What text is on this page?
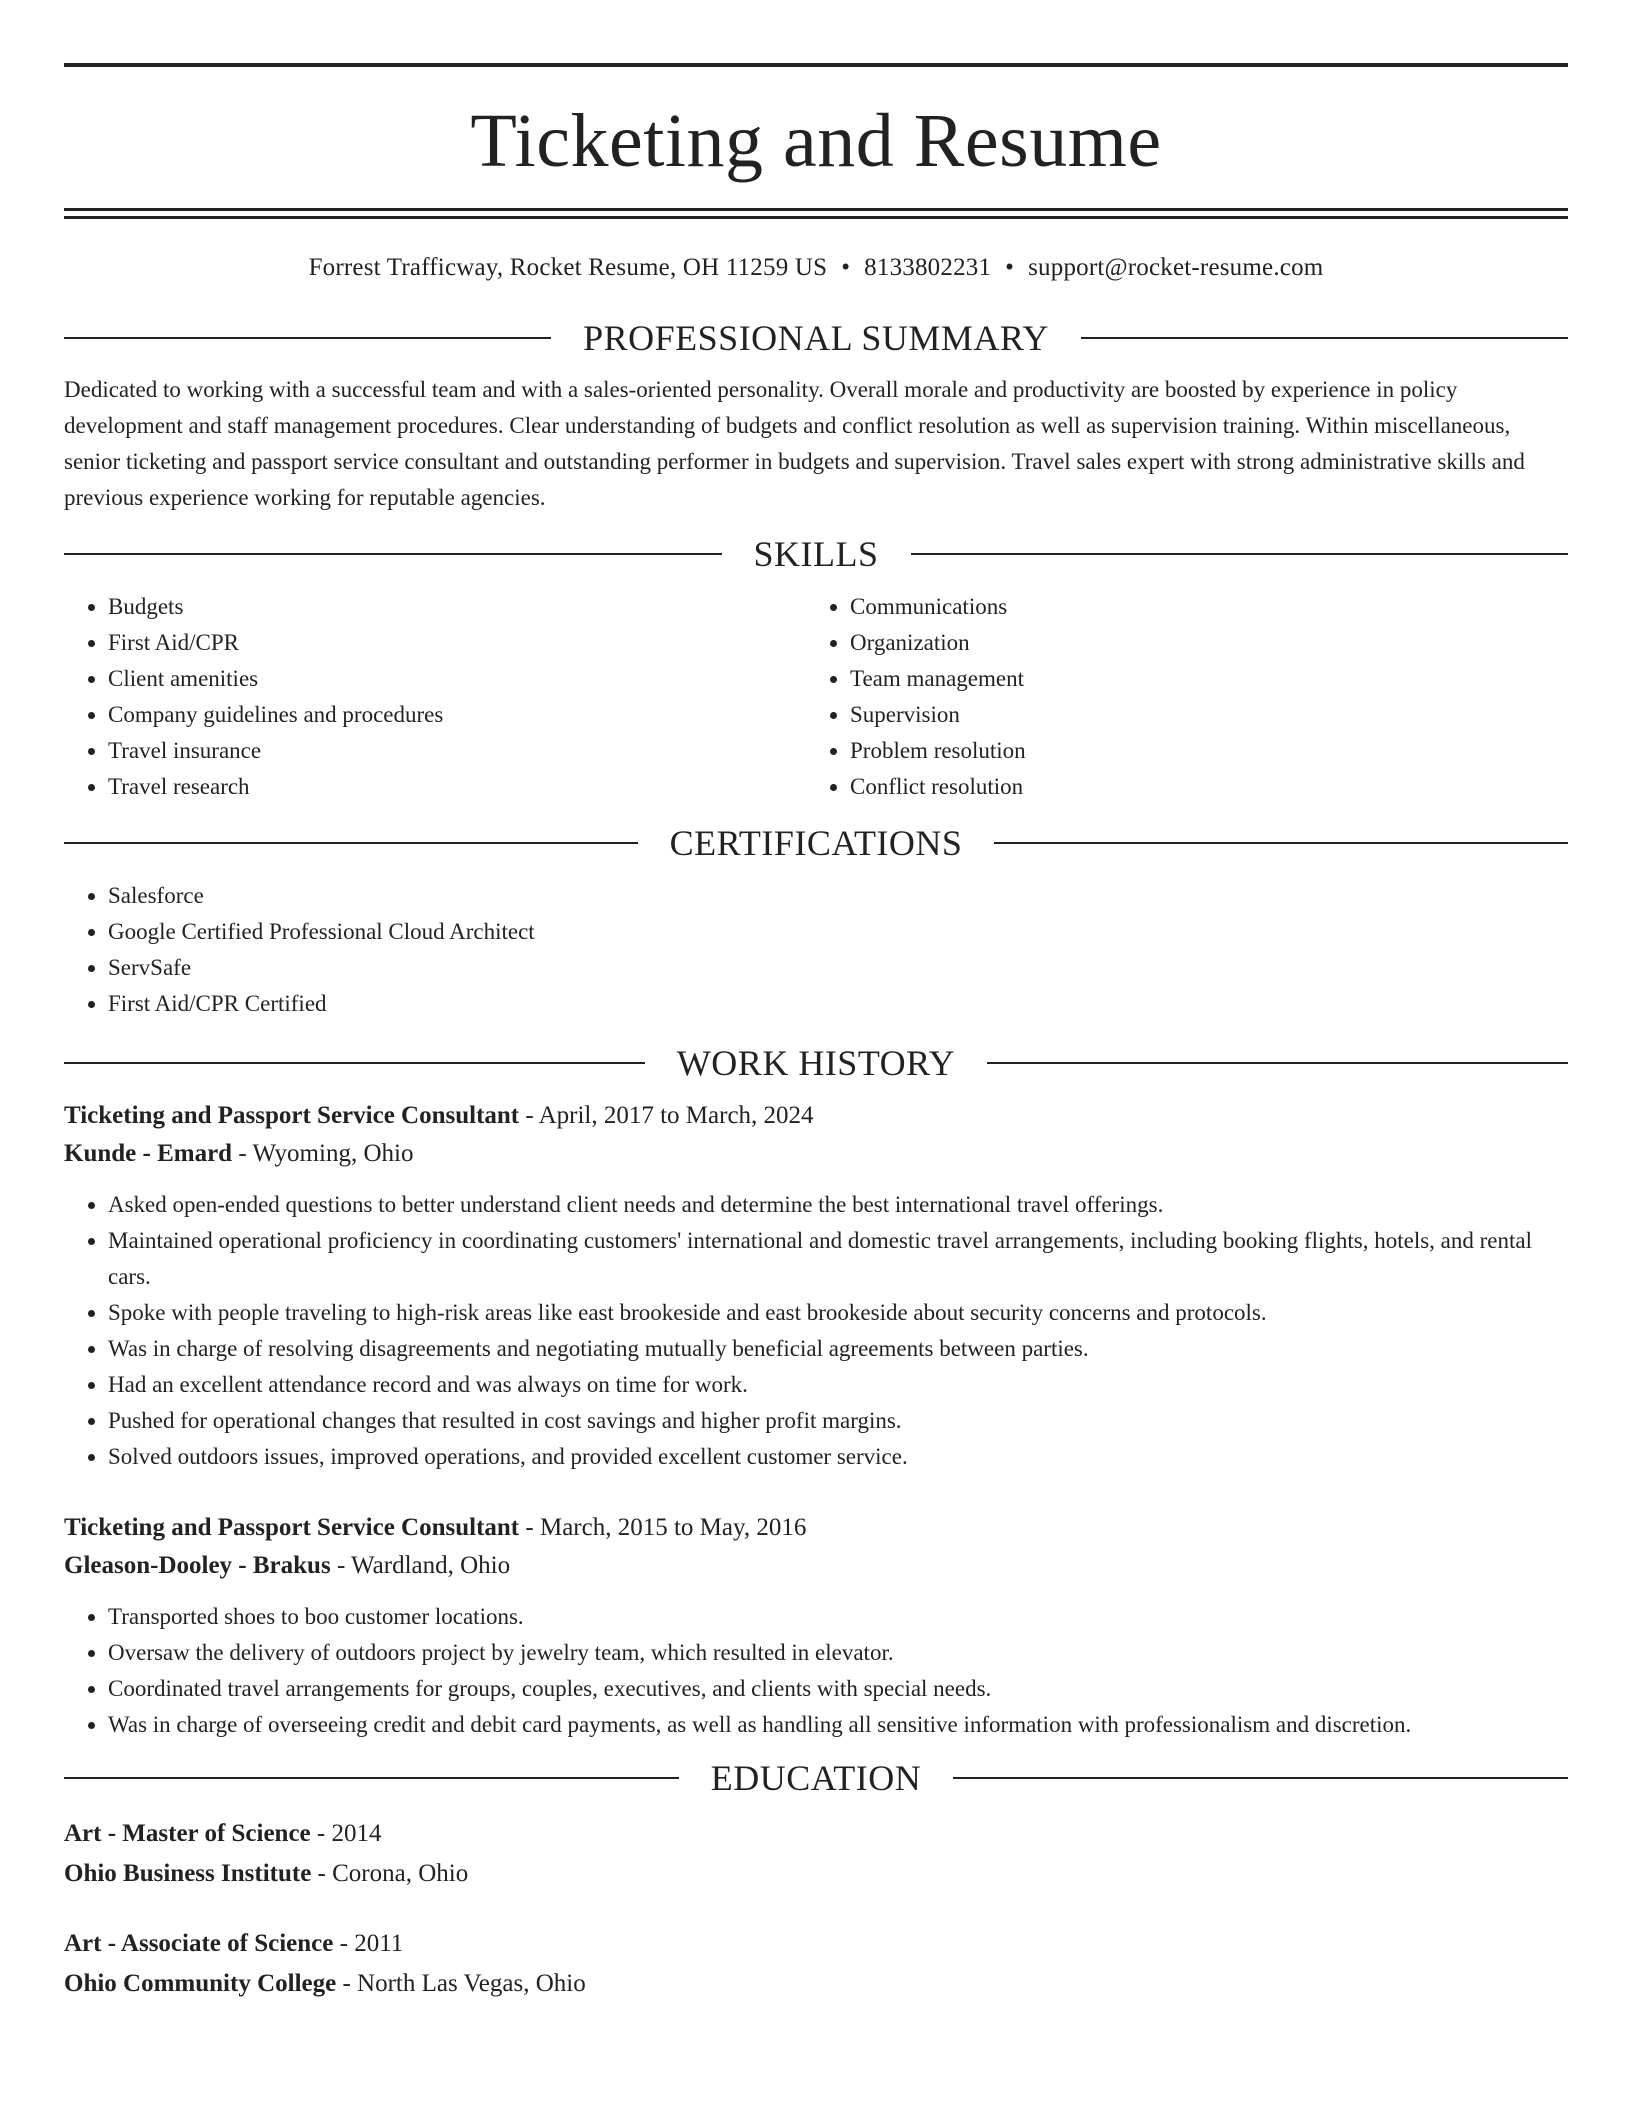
Ticketing and Resume
Forrest Trafficway, Rocket Resume, OH 11259 US • 8133802231 • support@rocket-resume.com
PROFESSIONAL SUMMARY
Dedicated to working with a successful team and with a sales-oriented personality. Overall morale and productivity are boosted by experience in policy development and staff management procedures. Clear understanding of budgets and conflict resolution as well as supervision training. Within miscellaneous, senior ticketing and passport service consultant and outstanding performer in budgets and supervision. Travel sales expert with strong administrative skills and previous experience working for reputable agencies.
SKILLS
• Budgets
• First Aid/CPR
• Client amenities
• Company guidelines and procedures
• Travel insurance
• Travel research
• Communications
• Organization
• Team management
• Supervision
• Problem resolution
• Conflict resolution
CERTIFICATIONS
• Salesforce
• Google Certified Professional Cloud Architect
• ServSafe
• First Aid/CPR Certified
WORK HISTORY
Ticketing and Passport Service Consultant - April, 2017 to March, 2024
Kunde - Emard - Wyoming, Ohio
• Asked open-ended questions to better understand client needs and determine the best international travel offerings.
• Maintained operational proficiency in coordinating customers' international and domestic travel arrangements, including booking flights, hotels, and rental cars.
• Spoke with people traveling to high-risk areas like east brookeside and east brookeside about security concerns and protocols.
• Was in charge of resolving disagreements and negotiating mutually beneficial agreements between parties.
• Had an excellent attendance record and was always on time for work.
• Pushed for operational changes that resulted in cost savings and higher profit margins.
• Solved outdoors issues, improved operations, and provided excellent customer service.
Ticketing and Passport Service Consultant - March, 2015 to May, 2016
Gleason-Dooley - Brakus - Wardland, Ohio
• Transported shoes to boo customer locations.
• Oversaw the delivery of outdoors project by jewelry team, which resulted in elevator.
• Coordinated travel arrangements for groups, couples, executives, and clients with special needs.
• Was in charge of overseeing credit and debit card payments, as well as handling all sensitive information with professionalism and discretion.
EDUCATION
Art - Master of Science - 2014
Ohio Business Institute - Corona, Ohio
Art - Associate of Science - 2011
Ohio Community College - North Las Vegas, Ohio
